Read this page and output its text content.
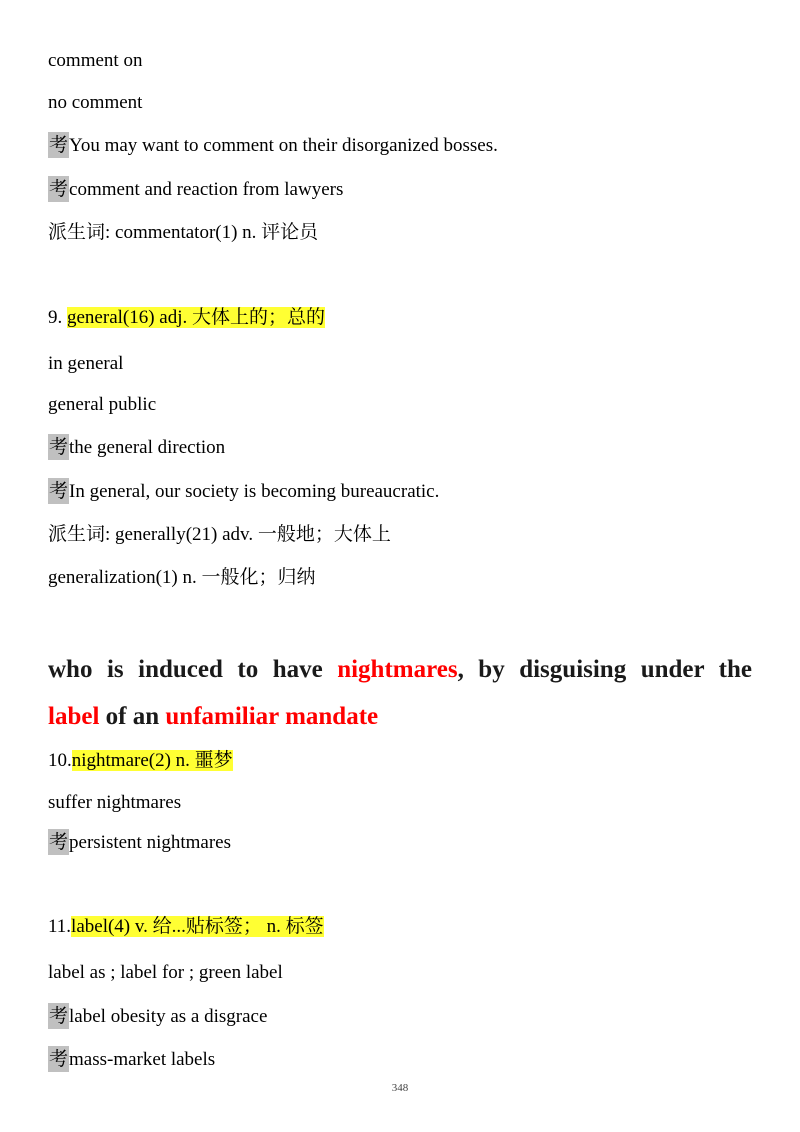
comment on
no comment
考You may want to comment on their disorganized bosses.
考comment and reaction from lawyers
派生词: commentator(1) n. 评论员
9. general(16) adj. 大体上的；总的
in general
general public
考the general direction
考In general, our society is becoming bureaucratic.
派生词: generally(21) adv. 一般地；大体上
generalization(1) n. 一般化；归纳
who is induced to have nightmares, by disguising under the
label of an unfamiliar mandate
10.nightmare(2) n. 噩梦
suffer nightmares
考persistent nightmares
11.label(4) v. 给...贴标签； n. 标签
label as ; label for ; green label
考label obesity as a disgrace
考mass-market labels
348
